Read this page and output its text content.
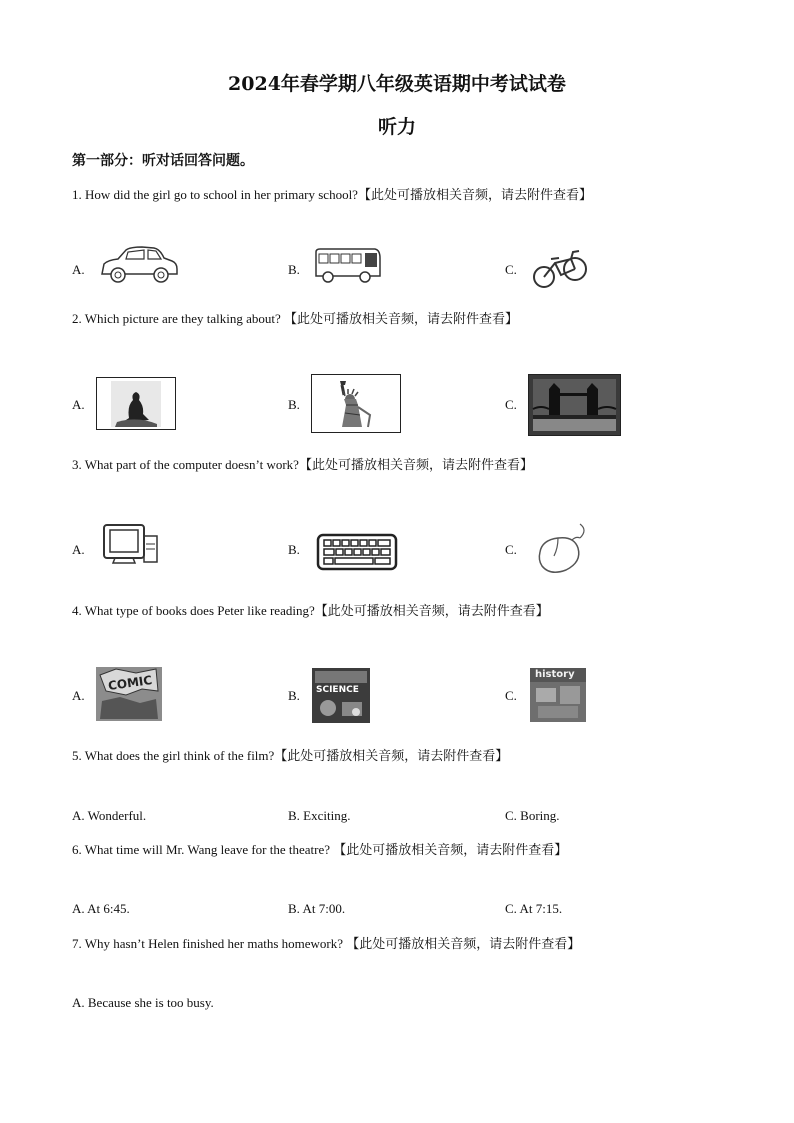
2024年春学期八年级英语期中考试试卷
听力
第一部分：听对话回答问题。
1. How did the girl go to school in her primary school?【此处可播放相关音频，请去附件查看】
A.	B.	C.
2. Which picture are they talking about? 【此处可播放相关音频，请去附件查看】
A.	B.	C.
3. What part of the computer doesn’t work?【此处可播放相关音频，请去附件查看】
A.	B.	C.
4. What type of books does Peter like reading?【此处可播放相关音频，请去附件查看】
A.
COMIC
B. SCIENCE	C.
history
5. What does the girl think of the film?【此处可播放相关音频，请去附件查看】
A. Wonderful.	B. Exciting.	C. Boring.
6. What time will Mr. Wang leave for the theatre? 【此处可播放相关音频，请去附件查看】
A. At 6:45.	B. At 7:00.	C. At 7:15.
7. Why hasn’t Helen finished her maths homework? 【此处可播放相关音频，请去附件查看】
A. Because she is too busy.
